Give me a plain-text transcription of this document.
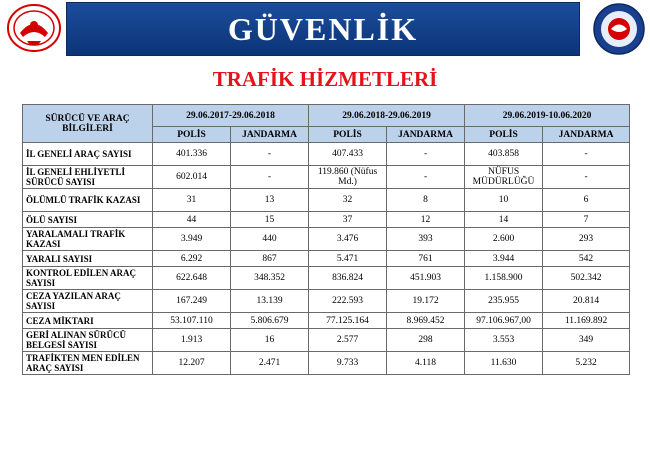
GÜVENLİK
TRAFİK HİZMETLERİ
SÜRÜCÜ VE ARAÇ BİLGİLERİ	29.06.2017-29.06.2018		29.06.2018-29.06.2019		29.06.2019-10.06.2020	
	POLİS	JANDARMA	POLİS	JANDARMA	POLİS	JANDARMA
İL GENELİ ARAÇ SAYISI	401.336	-	407.433	-	403.858	-
İL GENELİ EHLİYETLİ SÜRÜCÜ SAYISI	602.014	-	119.860 (Nüfus Md.)	-	NÜFUS MÜDÜRLÜĞÜ	-
ÖLÜMLÜ TRAFİK KAZASI	31	13	32	8	10	6
ÖLÜ SAYISI	44	15	37	12	14	7
YARALAMALI TRAFİK KAZASI	3.949	440	3.476	393	2.600	293
YARALI SAYISI	6.292	867	5.471	761	3.944	542
KONTROL EDİLEN ARAÇ SAYISI	622.648	348.352	836.824	451.903	1.158.900	502.342
CEZA YAZILAN ARAÇ SAYISI	167.249	13.139	222.593	19.172	235.955	20.814
CEZA MİKTARI	53.107.110	5.806.679	77.125.164	8.969.452	97.106.967,00	11.169.892
GERİ ALINAN SÜRÜCÜ BELGESİ SAYISI	1.913	16	2.577	298	3.553	349
TRAFİKTEN MEN EDİLEN ARAÇ SAYISI	12.207	2.471	9.733	4.118	11.630	5.232
